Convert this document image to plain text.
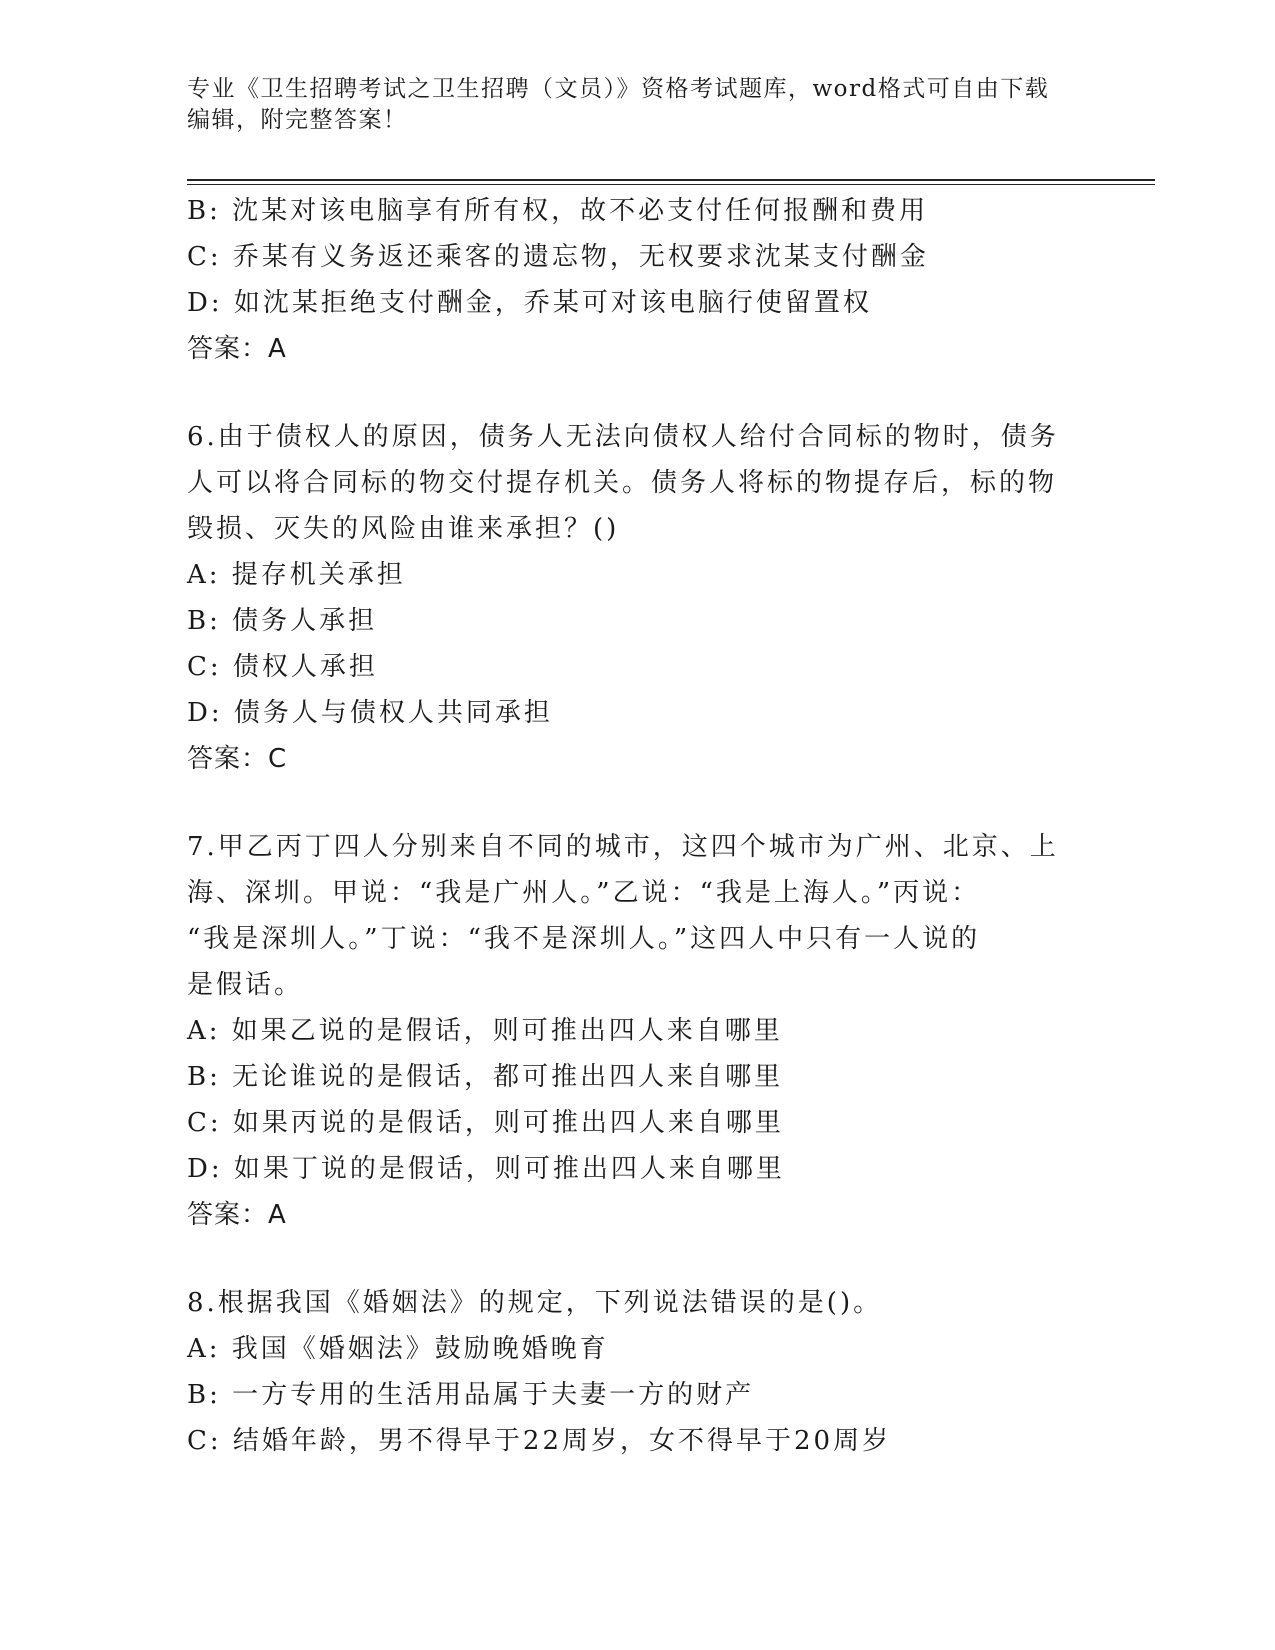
专业《卫生招聘考试之卫生招聘（文员）》资格考试题库，word格式可自由下载
编辑，附完整答案！
B: 沈某对该电脑享有所有权，故不必支付任何报酬和费用
C: 乔某有义务返还乘客的遗忘物，无权要求沈某支付酬金
D: 如沈某拒绝支付酬金，乔某可对该电脑行使留置权
答案：A
6.由于债权人的原因，债务人无法向债权人给付合同标的物时，债务
人可以将合同标的物交付提存机关。债务人将标的物提存后，标的物
毁损、灭失的风险由谁来承担？()
A: 提存机关承担
B: 债务人承担
C: 债权人承担
D: 债务人与债权人共同承担
答案：C
7.甲乙丙丁四人分别来自不同的城市，这四个城市为广州、北京、上
海、深圳。甲说：“我是广州人。”乙说：“我是上海人。”丙说：
“我是深圳人。”丁说：“我不是深圳人。”这四人中只有一人说的
是假话。
A: 如果乙说的是假话，则可推出四人来自哪里
B: 无论谁说的是假话，都可推出四人来自哪里
C: 如果丙说的是假话，则可推出四人来自哪里
D: 如果丁说的是假话，则可推出四人来自哪里
答案：A
8.根据我国《婚姻法》的规定，下列说法错误的是()。
A: 我国《婚姻法》鼓励晚婚晚育
B: 一方专用的生活用品属于夫妻一方的财产
C: 结婚年龄，男不得早于22周岁，女不得早于20周岁
